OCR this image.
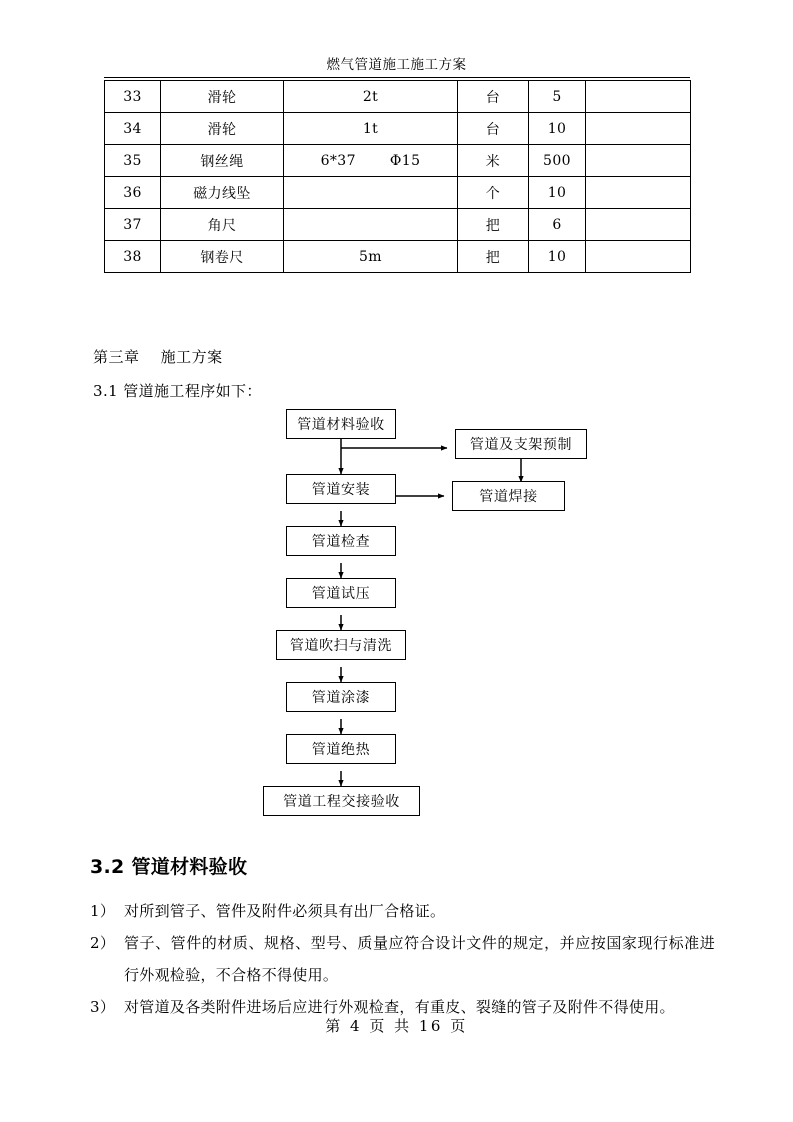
燃气管道施工施工方案
33	滑轮	2t	台	5	
34	滑轮	1t	台	10	
35	钢丝绳	6*37 Φ15	米	500	
36	磁力线坠		个	10	
37	角尺		把	6	
38	钢卷尺	5m	把	10	
第三章    施工方案
3.1 管道施工程序如下：
管道材料验收
管道及支架预制
管道安装	管道焊接
管道检查
管道试压
管道吹扫与清洗
管道涂漆
管道绝热
管道工程交接验收
3.2 管道材料验收
1） 对所到管子、管件及附件必须具有出厂合格证。
2） 管子、管件的材质、规格、型号、质量应符合设计文件的规定，并应按国家现行标准进行外观检验，不合格不得使用。
3） 对管道及各类附件进场后应进行外观检查，有重皮、裂缝的管子及附件不得使用。
第 4 页 共 16 页
